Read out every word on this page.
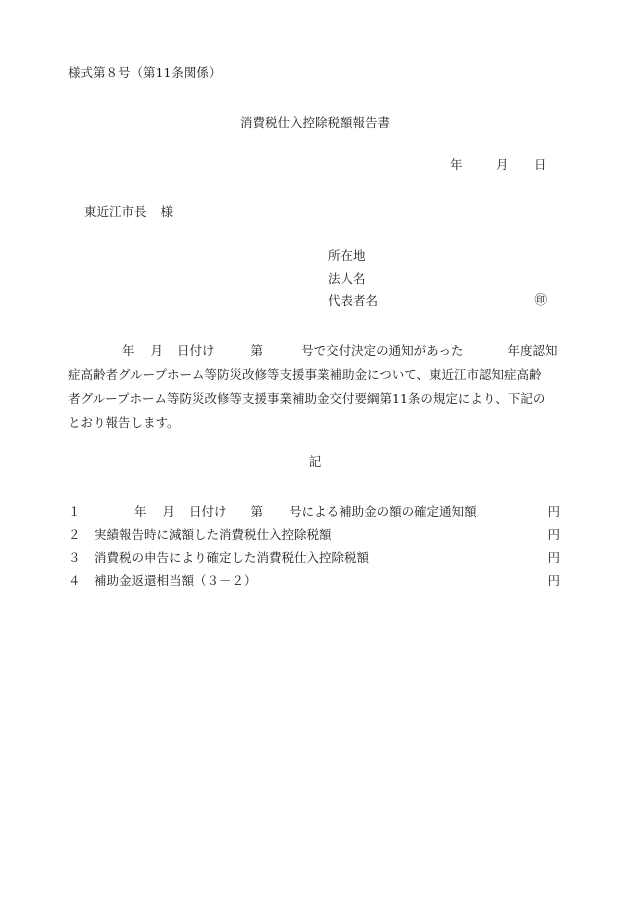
様式第８号（第11条関係）
消費税仕入控除税額報告書
年	月 日
東近江市長 様
所在地
法人名
代表者名	㊞
年 月 日付け	第	号で交付決定の通知があった	年度認知
症高齢者グループホーム等防災改修等支援事業補助金について、東近江市認知症高齢
者グループホーム等防災改修等支援事業補助金交付要綱第11条の規定により、下記の
とおり報告します。
記
１	年 月 日付け 第 号による補助金の額の確定通知額	円
２ 実績報告時に減額した消費税仕入控除税額	円
３ 消費税の申告により確定した消費税仕入控除税額	円
４ 補助金返還相当額（３－２）	円
